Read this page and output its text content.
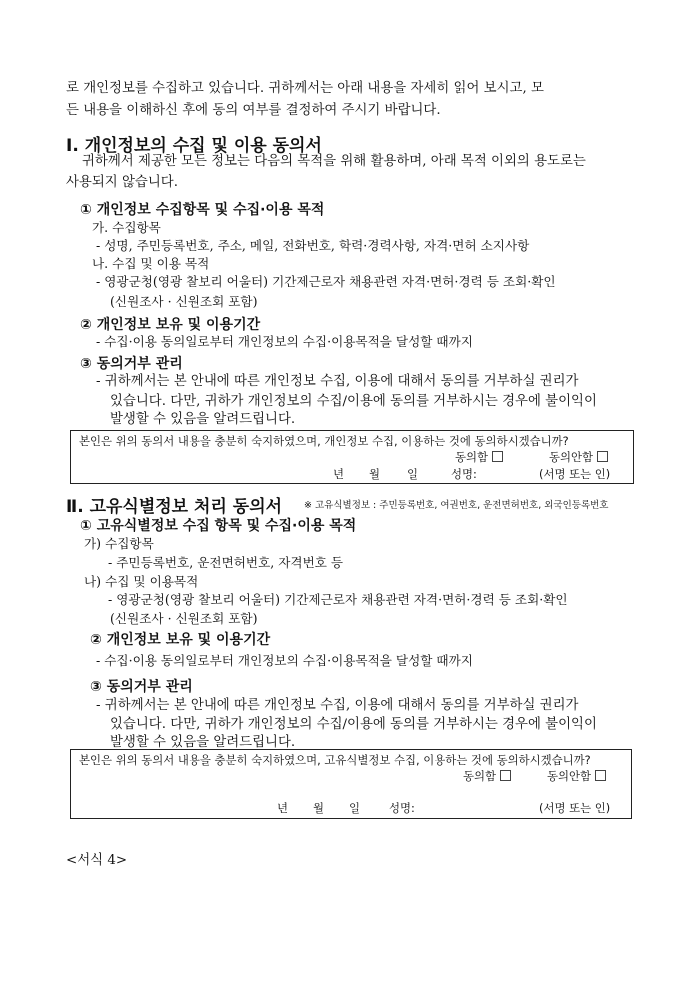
로 개인정보를 수집하고 있습니다. 귀하께서는 아래 내용을 자세히 읽어 보시고, 모
든 내용을 이해하신 후에 동의 여부를 결정하여 주시기 바랍니다.
Ⅰ. 개인정보의 수집 및 이용 동의서
귀하께서 제공한 모든 정보는 다음의 목적을 위해 활용하며, 아래 목적 이외의 용도로는
사용되지 않습니다.
① 개인정보 수집항목 및 수집·이용 목적
가. 수집항목
- 성명, 주민등록번호, 주소, 메일, 전화번호, 학력·경력사항, 자격·면허 소지사항
나. 수집 및 이용 목적
- 영광군청(영광 찰보리 어울터) 기간제근로자 채용관련 자격·면허·경력 등 조회·확인
(신원조사 · 신원조회 포함)
② 개인정보 보유 및 이용기간
- 수집·이용 동의일로부터 개인정보의 수집·이용목적을 달성할 때까지
③ 동의거부 관리
- 귀하께서는 본 안내에 따른 개인정보 수집, 이용에 대해서 동의를 거부하실 권리가
있습니다. 다만, 귀하가 개인정보의 수집/이용에 동의를 거부하시는 경우에 불이익이
발생할 수 있음을 알려드립니다.
본인은 위의 동의서 내용을 충분히 숙지하였으며, 개인정보 수집, 이용하는 것에 동의하시겠습니까?
동의함	동의안함
년 월 일	성명:	(서명 또는 인)
Ⅱ. 고유식별정보 처리 동의서 ※ 고유식별정보 : 주민등록번호, 여권번호, 운전면허번호, 외국인등록번호
① 고유식별정보 수집 항목 및 수집·이용 목적
가) 수집항목
- 주민등록번호, 운전면허번호, 자격번호 등
나) 수집 및 이용목적
- 영광군청(영광 찰보리 어울터) 기간제근로자 채용관련 자격·면허·경력 등 조회·확인
(신원조사 · 신원조회 포함)
② 개인정보 보유 및 이용기간
- 수집·이용 동의일로부터 개인정보의 수집·이용목적을 달성할 때까지
③ 동의거부 관리
- 귀하께서는 본 안내에 따른 개인정보 수집, 이용에 대해서 동의를 거부하실 권리가
있습니다. 다만, 귀하가 개인정보의 수집/이용에 동의를 거부하시는 경우에 불이익이
발생할 수 있음을 알려드립니다.
본인은 위의 동의서 내용을 충분히 숙지하였으며, 고유식별정보 수집, 이용하는 것에 동의하시겠습니까?
동의함	동의안함
년 월 일	성명:	(서명 또는 인)
<서식 4>
